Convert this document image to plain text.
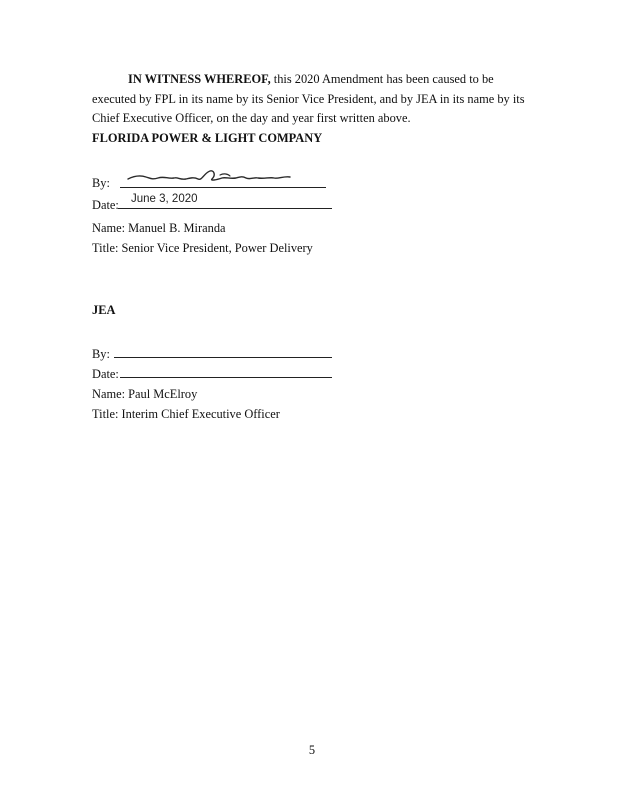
IN WITNESS WHEREOF, this 2020 Amendment has been caused to be
executed by FPL in its name by its Senior Vice President, and by JEA in its name by its
Chief Executive Officer, on the day and year first written above.

FLORIDA POWER & LIGHT COMPANY

By:
Date: June 3, 2020
Name: Manuel B. Miranda
Title: Senior Vice President, Power Delivery

JEA

By:
Date:
Name: Paul McElroy
Title: Interim Chief Executive Officer
5
